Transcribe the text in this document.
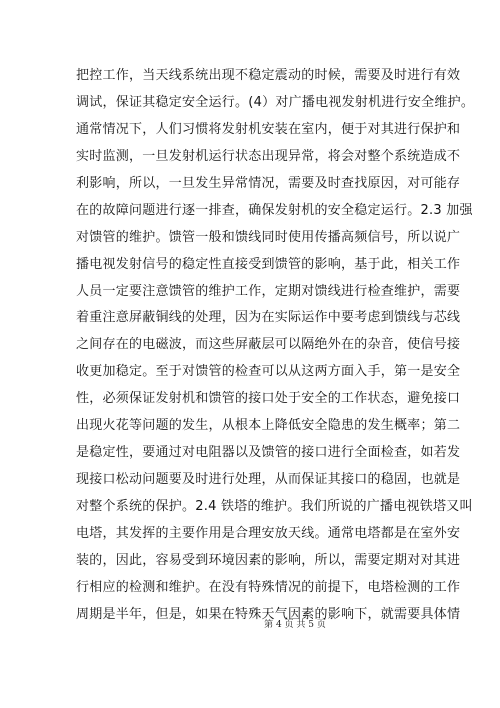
把控工作，当天线系统出现不稳定震动的时候，需要及时进行有效
调试，保证其稳定安全运行。(4）对广播电视发射机进行安全维护。
通常情况下，人们习惯将发射机安装在室内，便于对其进行保护和
实时监测，一旦发射机运行状态出现异常，将会对整个系统造成不
利影响，所以，一旦发生异常情况，需要及时查找原因，对可能存
在的故障问题进行逐一排查，确保发射机的安全稳定运行。2.3 加强
对馈管的维护。馈管一般和馈线同时使用传播高频信号，所以说广
播电视发射信号的稳定性直接受到馈管的影响，基于此，相关工作
人员一定要注意馈管的维护工作，定期对馈线进行检查维护，需要
着重注意屏蔽铜线的处理，因为在实际运作中要考虑到馈线与芯线
之间存在的电磁波，而这些屏蔽层可以隔绝外在的杂音，使信号接
收更加稳定。至于对馈管的检查可以从这两方面入手，第一是安全
性，必须保证发射机和馈管的接口处于安全的工作状态，避免接口
出现火花等问题的发生，从根本上降低安全隐患的发生概率；第二
是稳定性，要通过对电阻器以及馈管的接口进行全面检查，如若发
现接口松动问题要及时进行处理，从而保证其接口的稳固，也就是
对整个系统的保护。2.4 铁塔的维护。我们所说的广播电视铁塔又叫
电塔，其发挥的主要作用是合理安放天线。通常电塔都是在室外安
装的，因此，容易受到环境因素的影响，所以，需要定期对对其进
行相应的检测和维护。在没有特殊情况的前提下，电塔检测的工作
周期是半年，但是，如果在特殊天气因素的影响下，就需要具体情
第 4 页 共 5 页
